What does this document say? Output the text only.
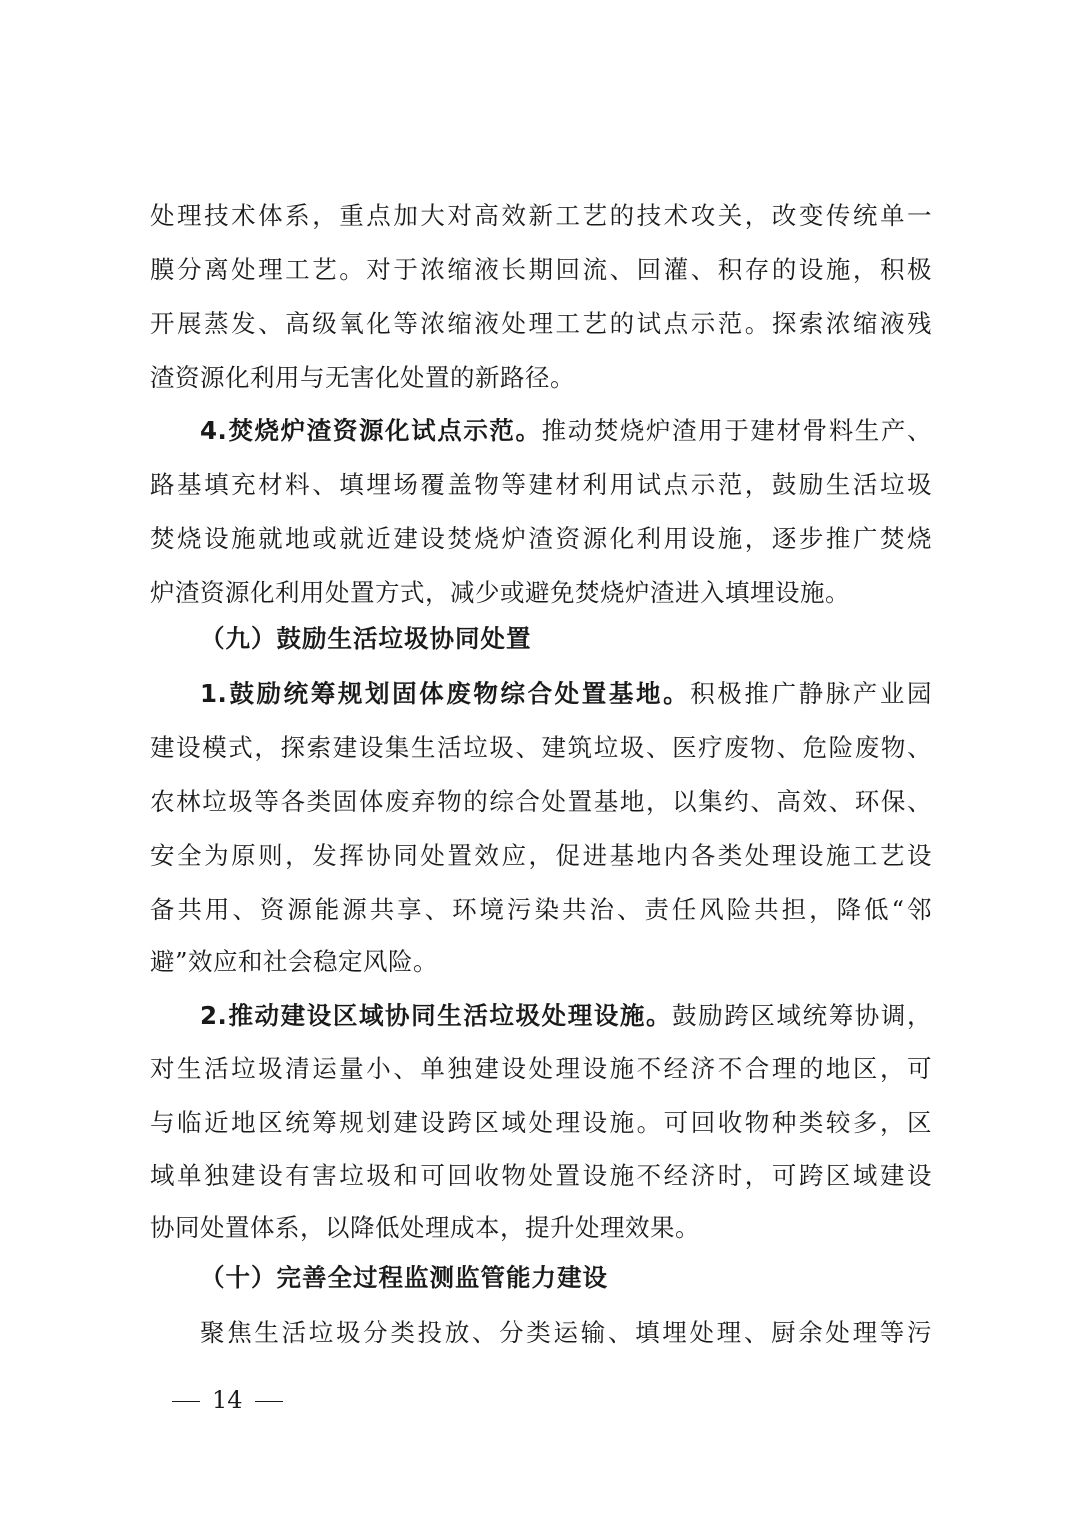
处理技术体系，重点加大对高效新工艺的技术攻关，改变传统单一
膜分离处理工艺。对于浓缩液长期回流、回灌、积存的设施，积极
开展蒸发、高级氧化等浓缩液处理工艺的试点示范。探索浓缩液残
渣资源化利用与无害化处置的新路径。
4.焚烧炉渣资源化试点示范。推动焚烧炉渣用于建材骨料生产、
路基填充材料、填埋场覆盖物等建材利用试点示范，鼓励生活垃圾
焚烧设施就地或就近建设焚烧炉渣资源化利用设施，逐步推广焚烧
炉渣资源化利用处置方式，减少或避免焚烧炉渣进入填埋设施。
（九）鼓励生活垃圾协同处置
1.鼓励统筹规划固体废物综合处置基地。积极推广静脉产业园
建设模式，探索建设集生活垃圾、建筑垃圾、医疗废物、危险废物、
农林垃圾等各类固体废弃物的综合处置基地，以集约、高效、环保、
安全为原则，发挥协同处置效应，促进基地内各类处理设施工艺设
备共用、资源能源共享、环境污染共治、责任风险共担，降低“邻
避”效应和社会稳定风险。
2.推动建设区域协同生活垃圾处理设施。鼓励跨区域统筹协调，
对生活垃圾清运量小、单独建设处理设施不经济不合理的地区，可
与临近地区统筹规划建设跨区域处理设施。可回收物种类较多，区
域单独建设有害垃圾和可回收物处置设施不经济时，可跨区域建设
协同处置体系，以降低处理成本，提升处理效果。
（十）完善全过程监测监管能力建设
聚焦生活垃圾分类投放、分类运输、填埋处理、厨余处理等污
14
